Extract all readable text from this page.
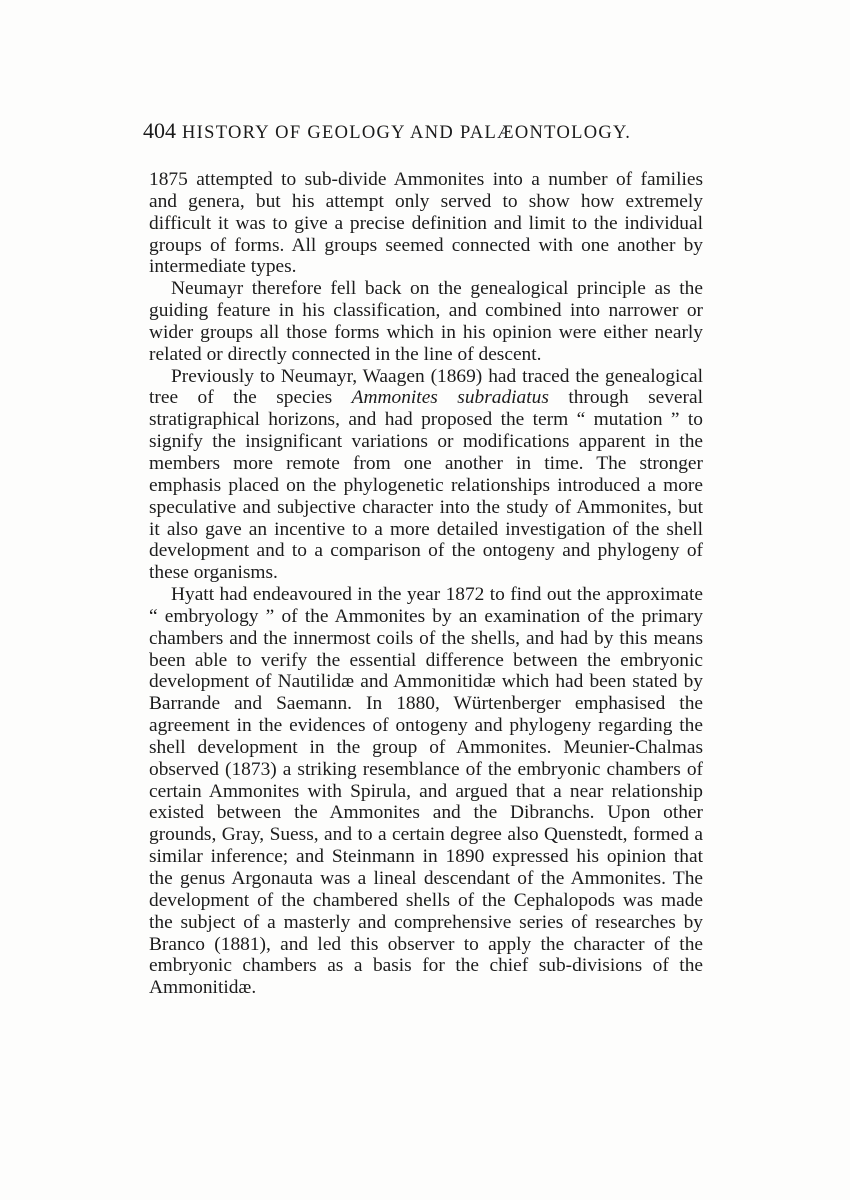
404 HISTORY OF GEOLOGY AND PALÆONTOLOGY.

1875 attempted to sub-divide Ammonites into a number of families and genera, but his attempt only served to show how extremely difficult it was to give a precise definition and limit to the individual groups of forms. All groups seemed connected with one another by intermediate types.

Neumayr therefore fell back on the genealogical principle as the guiding feature in his classification, and combined into narrower or wider groups all those forms which in his opinion were either nearly related or directly connected in the line of descent.

Previously to Neumayr, Waagen (1869) had traced the genealogical tree of the species Ammonites subradiatus through several stratigraphical horizons, and had proposed the term “ mutation ” to signify the insignificant variations or modifications apparent in the members more remote from one another in time. The stronger emphasis placed on the phylogenetic relationships introduced a more speculative and subjective character into the study of Ammonites, but it also gave an incentive to a more detailed investigation of the shell development and to a comparison of the ontogeny and phylogeny of these organisms.

Hyatt had endeavoured in the year 1872 to find out the approximate “ embryology ” of the Ammonites by an examination of the primary chambers and the innermost coils of the shells, and had by this means been able to verify the essential difference between the embryonic development of Nautilidæ and Ammonitidæ which had been stated by Barrande and Saemann. In 1880, Würtenberger emphasised the agreement in the evidences of ontogeny and phylogeny regarding the shell development in the group of Ammonites. Meunier-Chalmas observed (1873) a striking resemblance of the embryonic chambers of certain Ammonites with Spirula, and argued that a near relationship existed between the Ammonites and the Dibranchs. Upon other grounds, Gray, Suess, and to a certain degree also Quenstedt, formed a similar inference; and Steinmann in 1890 expressed his opinion that the genus Argonauta was a lineal descendant of the Ammonites. The development of the chambered shells of the Cephalopods was made the subject of a masterly and comprehensive series of researches by Branco (1881), and led this observer to apply the character of the embryonic chambers as a basis for the chief sub-divisions of the Ammonitidæ.
